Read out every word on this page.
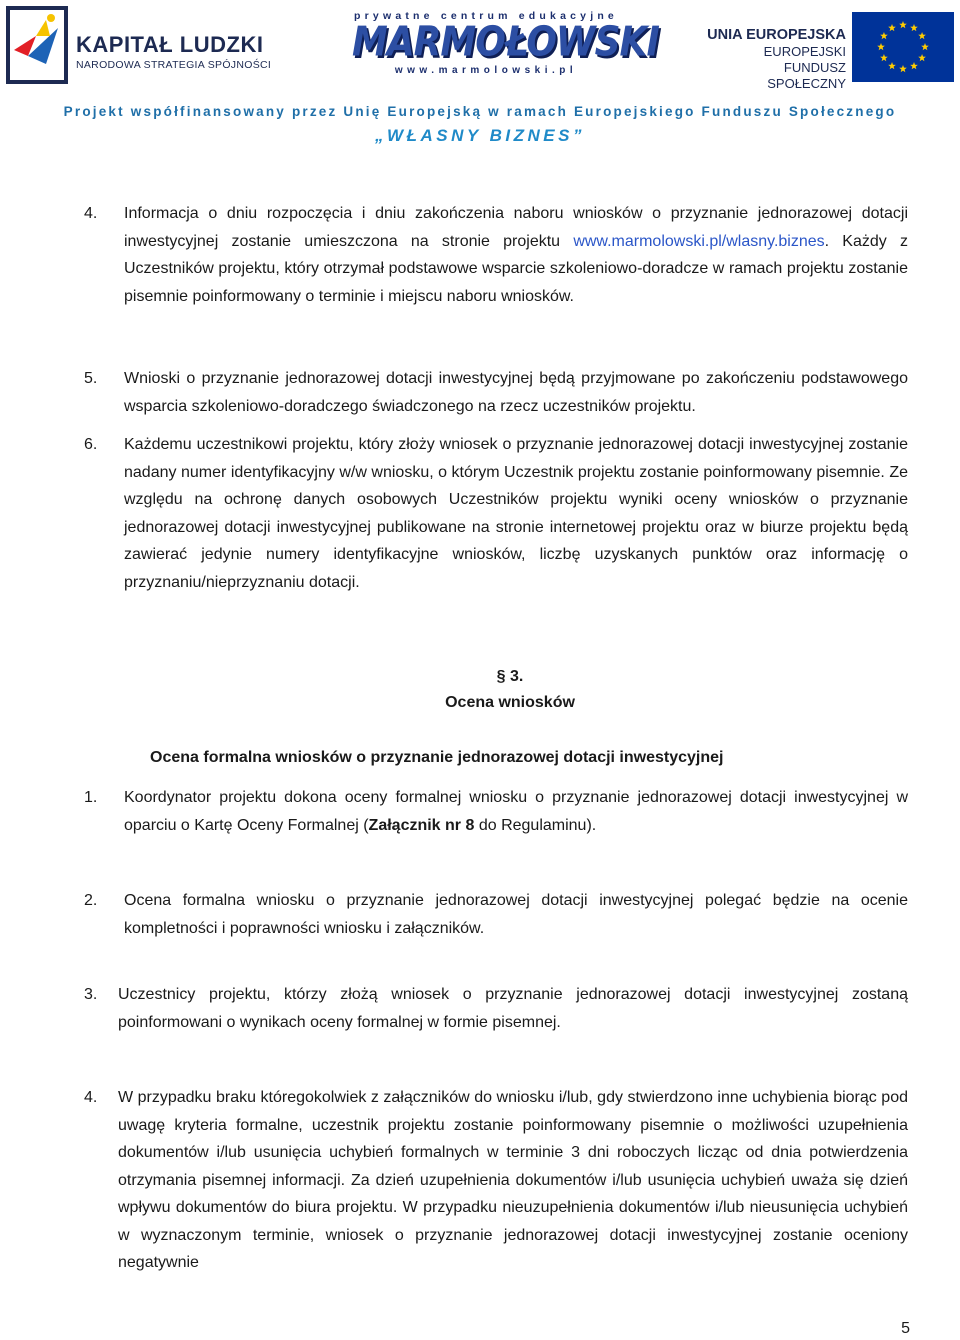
KAPITAŁ LUDZKI
NARODOWA STRATEGIA SPÓJNOŚCI
prywatne centrum edukacyjne
MARMOŁOWSKI
www.marmolowski.pl
UNIA EUROPEJSKA
EUROPEJSKI
FUNDUSZ SPOŁECZNY
Projekt współfinansowany przez Unię Europejską w ramach Europejskiego Funduszu Społecznego
„WŁASNY BIZNES”
4.	Informacja o dniu rozpoczęcia i dniu zakończenia naboru wniosków o przyznanie jednorazowej dotacji inwestycyjnej zostanie umieszczona na stronie projektu www.marmolowski.pl/wlasny.biznes. Każdy z Uczestników projektu, który otrzymał podstawowe wsparcie szkoleniowo-doradcze w ramach projektu zostanie pisemnie poinformowany o terminie i miejscu naboru wniosków.
5.	Wnioski o przyznanie jednorazowej dotacji inwestycyjnej będą przyjmowane po zakończeniu podstawowego wsparcia szkoleniowo-doradczego świadczonego na rzecz uczestników projektu.
6.	Każdemu uczestnikowi projektu, który złoży wniosek o przyznanie jednorazowej dotacji inwestycyjnej zostanie nadany numer identyfikacyjny w/w wniosku, o którym Uczestnik projektu zostanie poinformowany pisemnie. Ze względu na ochronę danych osobowych Uczestników projektu wyniki oceny wniosków o przyznanie jednorazowej dotacji inwestycyjnej publikowane na stronie internetowej projektu oraz w biurze projektu będą zawierać jedynie numery identyfikacyjne wniosków, liczbę uzyskanych punktów oraz informację o przyznaniu/nieprzyznaniu dotacji.
§ 3.
Ocena wniosków
Ocena formalna wniosków o przyznanie jednorazowej dotacji inwestycyjnej
1.	Koordynator projektu dokona oceny formalnej wniosku o przyznanie jednorazowej dotacji inwestycyjnej w oparciu o Kartę Oceny Formalnej (Załącznik nr 8 do Regulaminu).
2.	Ocena formalna wniosku o przyznanie jednorazowej dotacji inwestycyjnej polegać będzie na ocenie kompletności i poprawności wniosku i załączników.
3.	Uczestnicy projektu, którzy złożą wniosek o przyznanie jednorazowej dotacji inwestycyjnej zostaną poinformowani o wynikach oceny formalnej w formie pisemnej.
4.	W przypadku braku któregokolwiek z załączników do wniosku i/lub, gdy stwierdzono inne uchybienia biorąc pod uwagę kryteria formalne, uczestnik projektu zostanie poinformowany pisemnie o możliwości uzupełnienia dokumentów i/lub usunięcia uchybień formalnych w terminie 3 dni roboczych licząc od dnia potwierdzenia otrzymania pisemnej informacji. Za dzień uzupełnienia dokumentów i/lub usunięcia uchybień uważa się dzień wpływu dokumentów do biura projektu. W przypadku nieuzupełnienia dokumentów i/lub nieusunięcia uchybień w wyznaczonym terminie, wniosek o przyznanie jednorazowej dotacji inwestycyjnej zostanie oceniony negatywnie
5
